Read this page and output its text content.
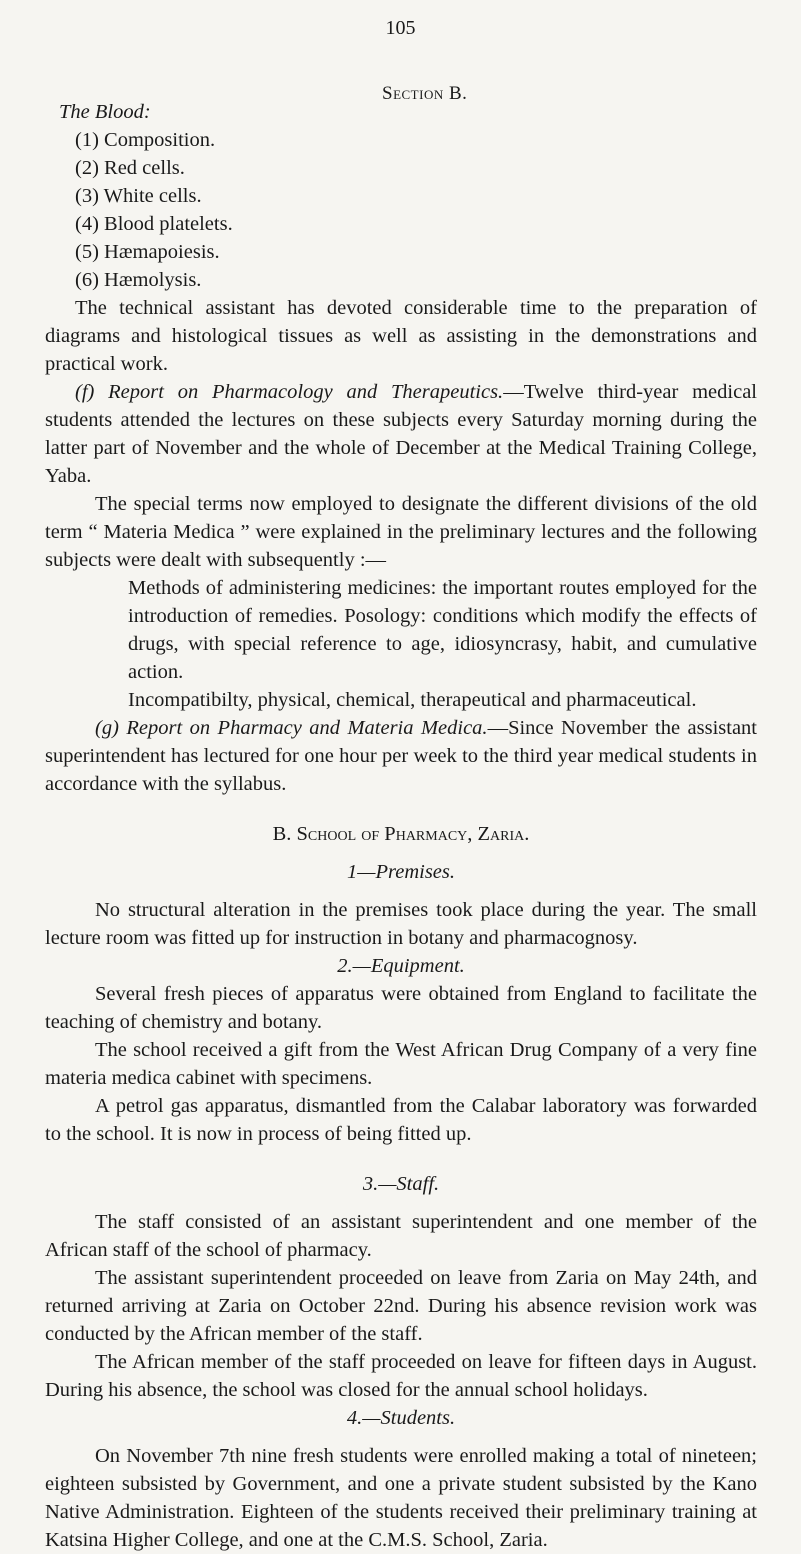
105
Section B.
The Blood:
(1) Composition.
(2) Red cells.
(3) White cells.
(4) Blood platelets.
(5) Hæmapoiesis.
(6) Hæmolysis.

The technical assistant has devoted considerable time to the preparation of diagrams and histological tissues as well as assisting in the demonstrations and practical work.

(f) Report on Pharmacology and Therapeutics.—Twelve third-year medical students attended the lectures on these subjects every Saturday morning during the latter part of November and the whole of December at the Medical Training College, Yaba.

The special terms now employed to designate the different divisions of the old term “ Materia Medica ” were explained in the preliminary lectures and the following subjects were dealt with subsequently :—

Methods of administering medicines: the important routes employed for the introduction of remedies. Posology: conditions which modify the effects of drugs, with special reference to age, idiosyncrasy, habit, and cumulative action.

Incompatibilty, physical, chemical, therapeutical and pharmaceutical.

(g) Report on Pharmacy and Materia Medica.—Since November the assistant superintendent has lectured for one hour per week to the third year medical students in accordance with the syllabus.

B. School of Pharmacy, Zaria.

1—Premises.

No structural alteration in the premises took place during the year. The small lecture room was fitted up for instruction in botany and pharmacognosy.

2.—Equipment.

Several fresh pieces of apparatus were obtained from England to facilitate the teaching of chemistry and botany.

The school received a gift from the West African Drug Company of a very fine materia medica cabinet with specimens.

A petrol gas apparatus, dismantled from the Calabar laboratory was forwarded to the school. It is now in process of being fitted up.

3.—Staff.

The staff consisted of an assistant superintendent and one member of the African staff of the school of pharmacy.

The assistant superintendent proceeded on leave from Zaria on May 24th, and returned arriving at Zaria on October 22nd. During his absence revision work was conducted by the African member of the staff.

The African member of the staff proceeded on leave for fifteen days in August. During his absence, the school was closed for the annual school holidays.

4.—Students.

On November 7th nine fresh students were enrolled making a total of nineteen; eighteen subsisted by Government, and one a private student subsisted by the Kano Native Administration. Eighteen of the students received their preliminary training at Katsina Higher College, and one at the C.M.S. School, Zaria.
